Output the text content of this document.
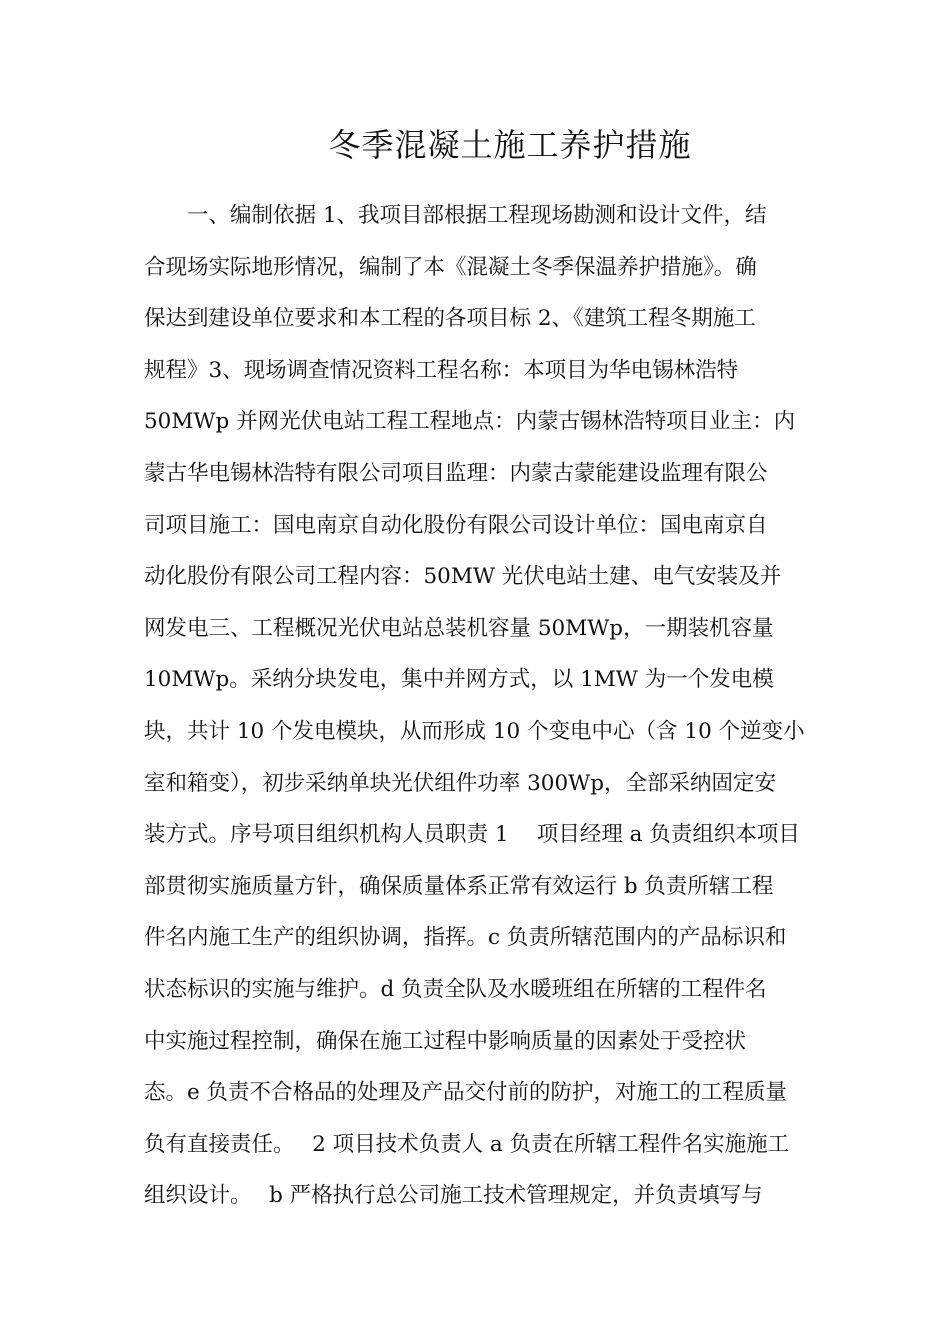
冬季混凝土施工养护措施
　　一、编制依据 1、我项目部根据工程现场勘测和设计文件，结
合现场实际地形情况，编制了本《混凝土冬季保温养护措施》。确
保达到建设单位要求和本工程的各项目标 2、《建筑工程冬期施工
规程》3、现场调查情况资料工程名称：本项目为华电锡林浩特
50MWp 并网光伏电站工程工程地点：内蒙古锡林浩特项目业主：内
蒙古华电锡林浩特有限公司项目监理：内蒙古蒙能建设监理有限公
司项目施工：国电南京自动化股份有限公司设计单位：国电南京自
动化股份有限公司工程内容：50MW 光伏电站土建、电气安装及并
网发电三、工程概况光伏电站总装机容量 50MWp，一期装机容量
10MWp。采纳分块发电，集中并网方式，以 1MW 为一个发电模
块，共计 10 个发电模块，从而形成 10 个变电中心（含 10 个逆变小
室和箱变），初步采纳单块光伏组件功率 300Wp，全部采纳固定安
装方式。序号项目组织机构人员职责 1　 项目经理 a 负责组织本项目
部贯彻实施质量方针，确保质量体系正常有效运行 b 负责所辖工程
件名内施工生产的组织协调，指挥。c 负责所辖范围内的产品标识和
状态标识的实施与维护。d 负责全队及水暖班组在所辖的工程件名
中实施过程控制，确保在施工过程中影响质量的因素处于受控状
态。e 负责不合格品的处理及产品交付前的防护，对施工的工程质量
负有直接责任。　 2 项目技术负责人 a 负责在所辖工程件名实施施工
组织设计。　 b 严格执行总公司施工技术管理规定，并负责填写与
